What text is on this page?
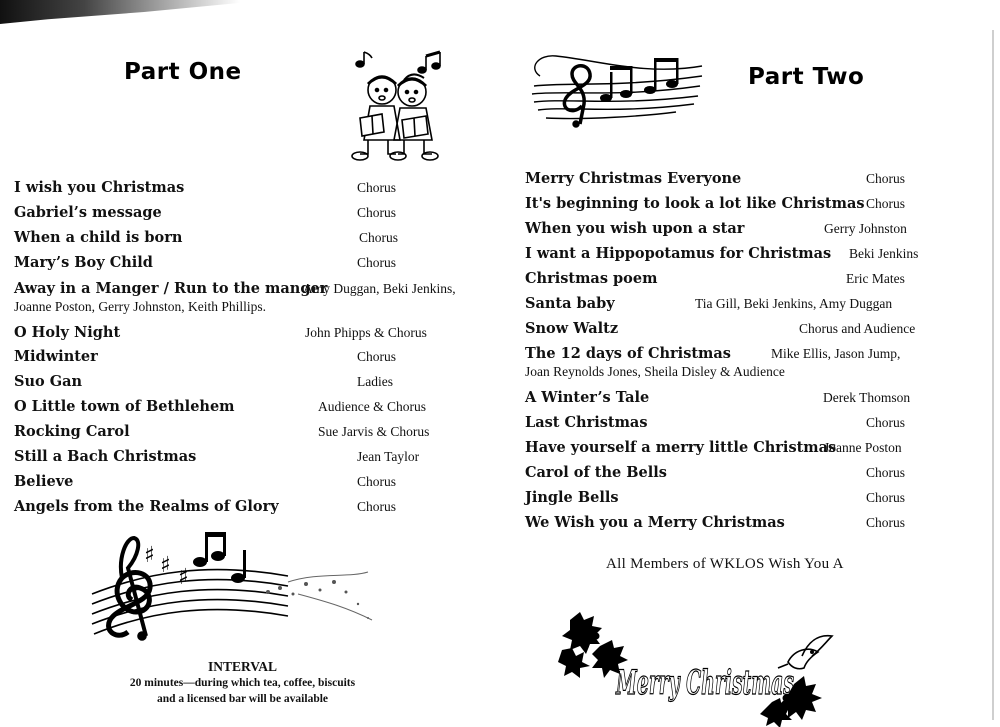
Part One
I wish you Christmas	Chorus
Gabriel’s message	Chorus
When a child is born	Chorus
Mary’s Boy Child	Chorus
Away in a Manger / Run to the manger
Amy Duggan, Beki Jenkins,
Joanne Poston, Gerry Johnston, Keith Phillips.
O Holy Night	John Phipps & Chorus
Midwinter	Chorus
Suo Gan	Ladies
O Little town of Bethlehem	Audience & Chorus
Rocking Carol	Sue Jarvis & Chorus
Still a Bach Christmas	Jean Taylor
Believe	Chorus
Angels from the Realms of Glory	Chorus
♯ ♯ ♯
INTERVAL
20 minutes—during which tea, coffee, biscuits
and a licensed bar will be available
Part Two
Merry Christmas Everyone	Chorus
It's beginning to look a lot like Christmas Chorus
When you wish upon a star	Gerry Johnston
I want a Hippopotamus for Christmas Beki Jenkins
Christmas poem	Eric Mates
Santa baby	Tia Gill, Beki Jenkins, Amy Duggan
Snow Waltz	Chorus and Audience
The 12 days of Christmas	Mike Ellis, Jason Jump,
Joan Reynolds Jones, Sheila Disley & Audience
A Winter’s Tale	Derek Thomson
Last Christmas	Chorus
Have yourself a merry little Christmas
Joanne Poston
Carol of the Bells	Chorus
Jingle Bells	Chorus
We Wish you a Merry Christmas	Chorus
All Members of WKLOS Wish You A
Merry Christmas
